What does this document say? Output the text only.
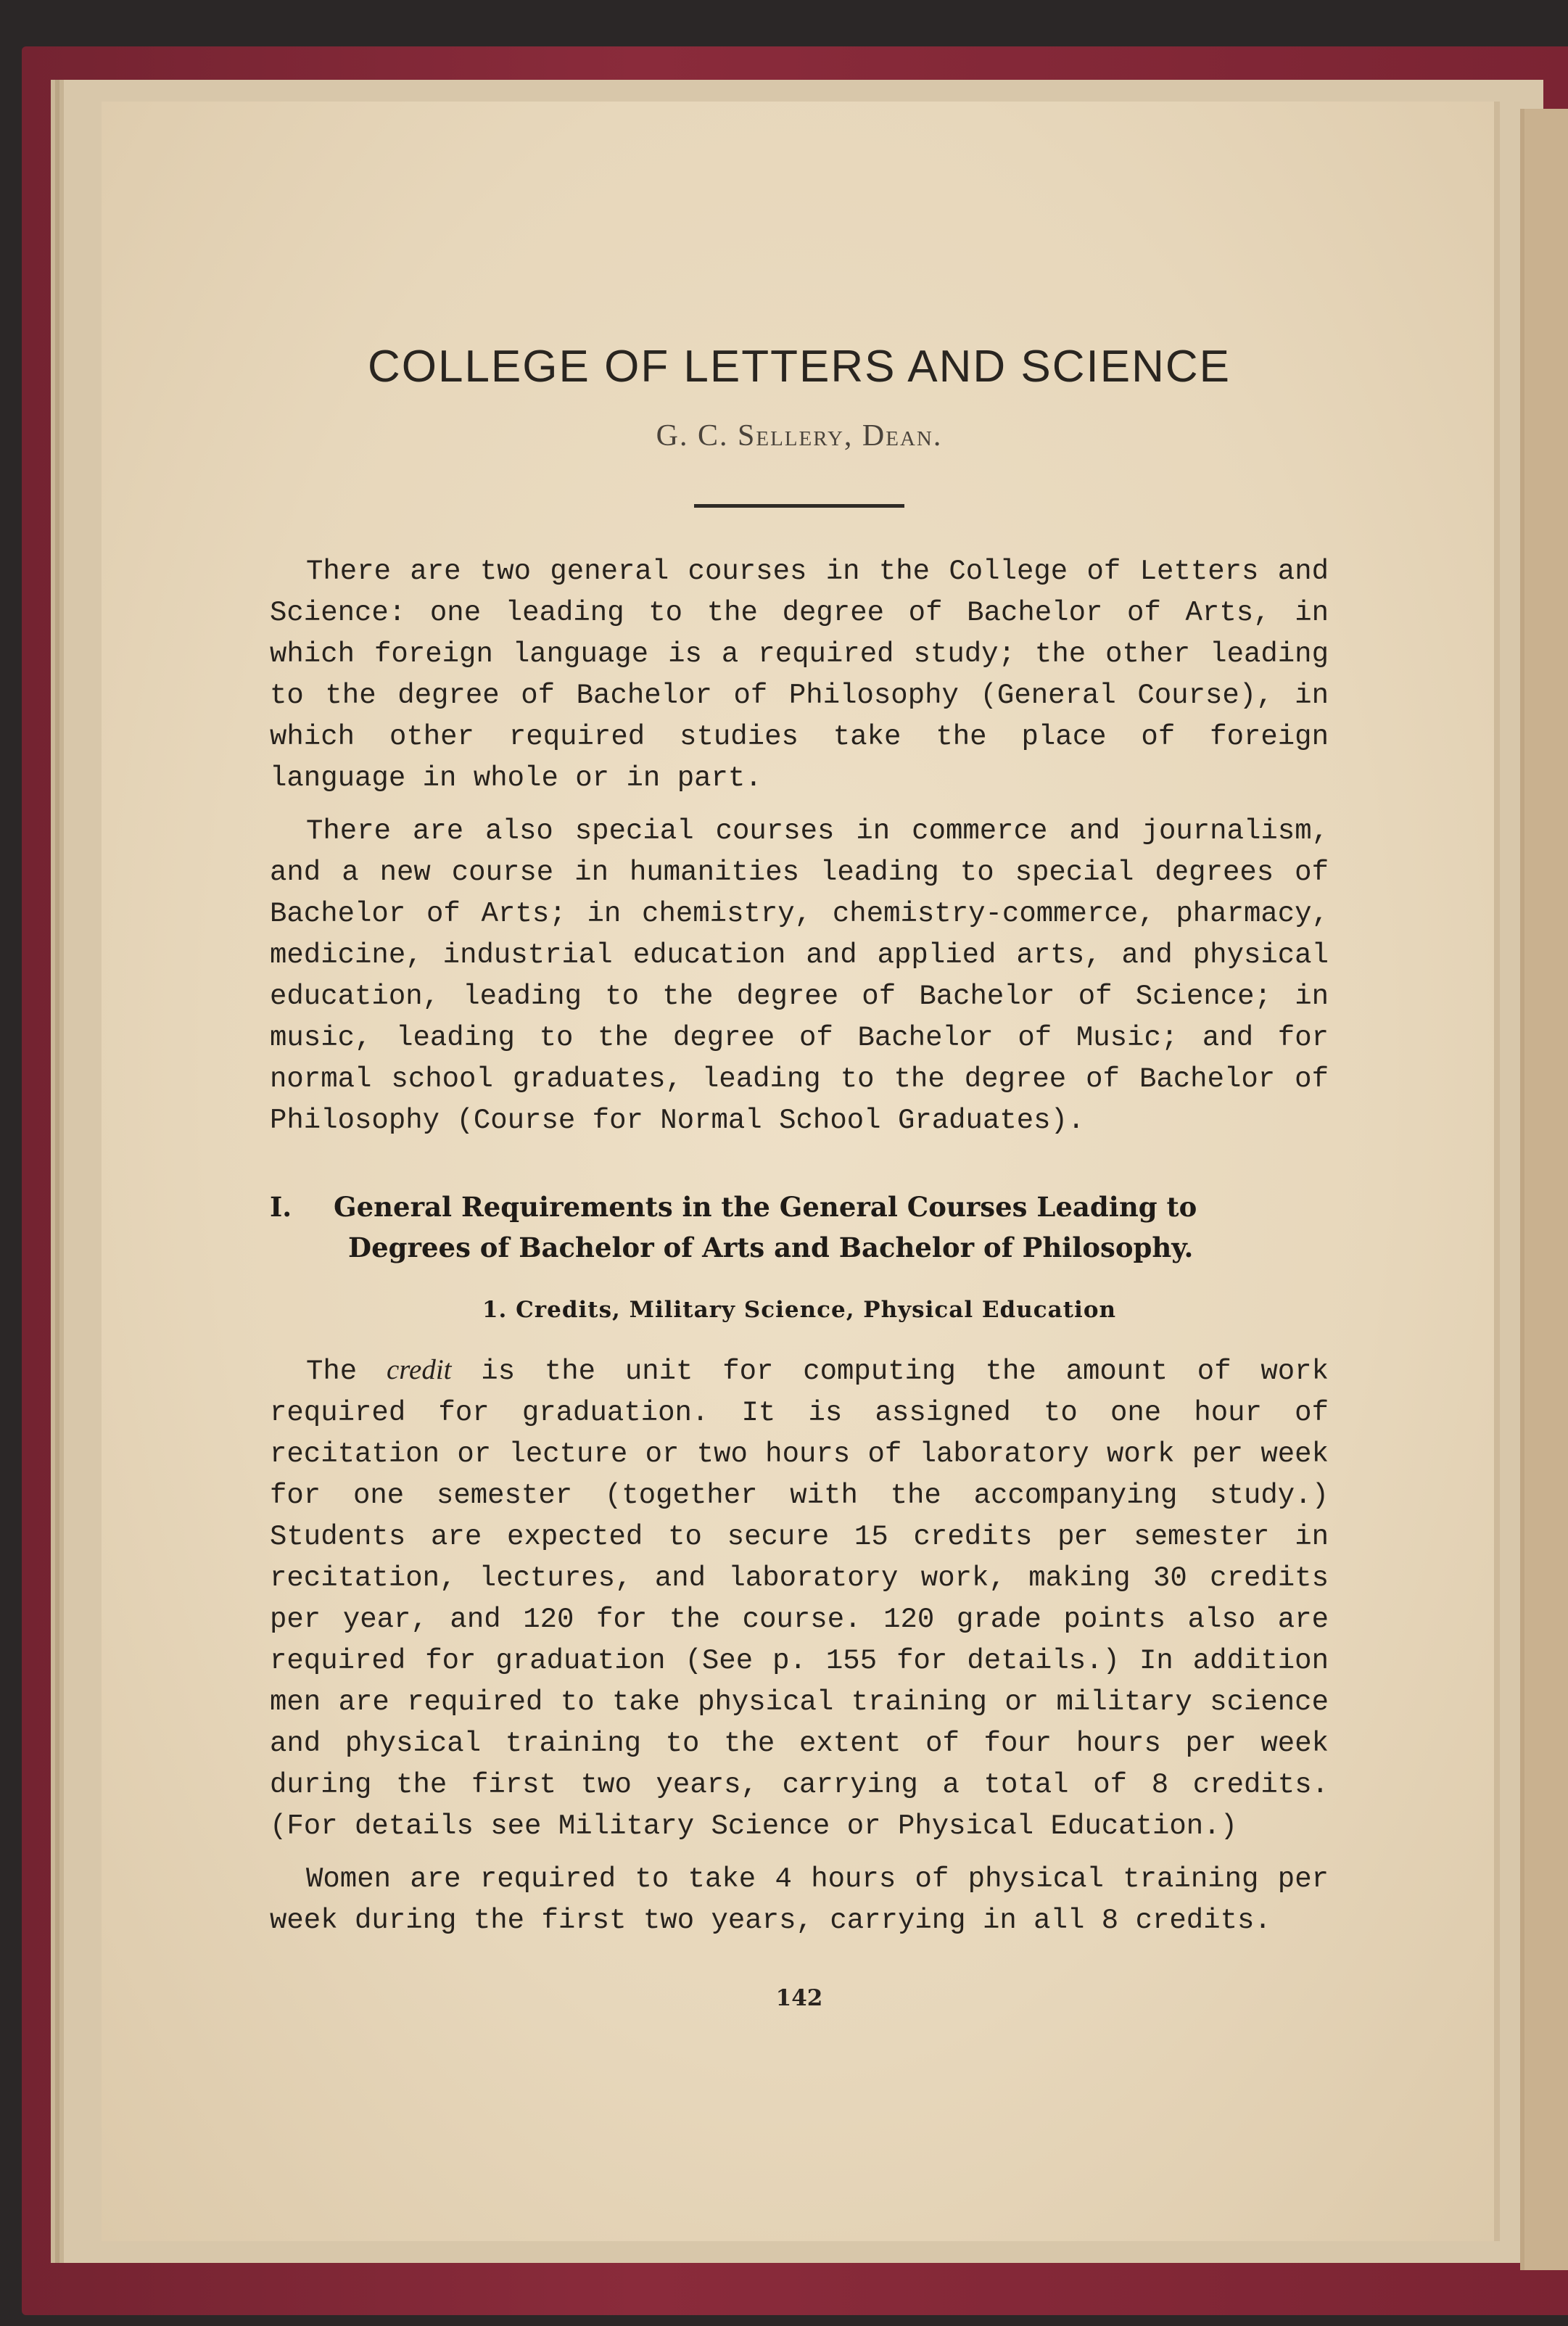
COLLEGE OF LETTERS AND SCIENCE
G. C. Sellery, Dean.

There are two general courses in the College of Letters and Science: one leading to the degree of Bachelor of Arts, in which foreign language is a required study; the other leading to the degree of Bachelor of Philosophy (General Course), in which other required studies take the place of foreign language in whole or in part.

There are also special courses in commerce and journalism, and a new course in humanities leading to special degrees of Bachelor of Arts; in chemistry, chemistry-commerce, pharmacy, medicine, industrial education and applied arts, and physical education, leading to the degree of Bachelor of Science; in music, leading to the degree of Bachelor of Music; and for normal school graduates, leading to the degree of Bachelor of Philosophy (Course for Normal School Graduates).

I. General Requirements in the General Courses Leading to
Degrees of Bachelor of Arts and Bachelor of Philosophy.
1. Credits, Military Science, Physical Education

The credit is the unit for computing the amount of work required for graduation. It is assigned to one hour of recitation or lecture or two hours of laboratory work per week for one semester (together with the accompanying study.) Students are expected to secure 15 credits per semester in recitation, lectures, and laboratory work, making 30 credits per year, and 120 for the course. 120 grade points also are required for graduation (See p. 155 for details.) In addition men are required to take physical training or military science and physical training to the extent of four hours per week during the first two years, carrying a total of 8 credits. (For details see Military Science or Physical Education.)

Women are required to take 4 hours of physical training per week during the first two years, carrying in all 8 credits.

142
